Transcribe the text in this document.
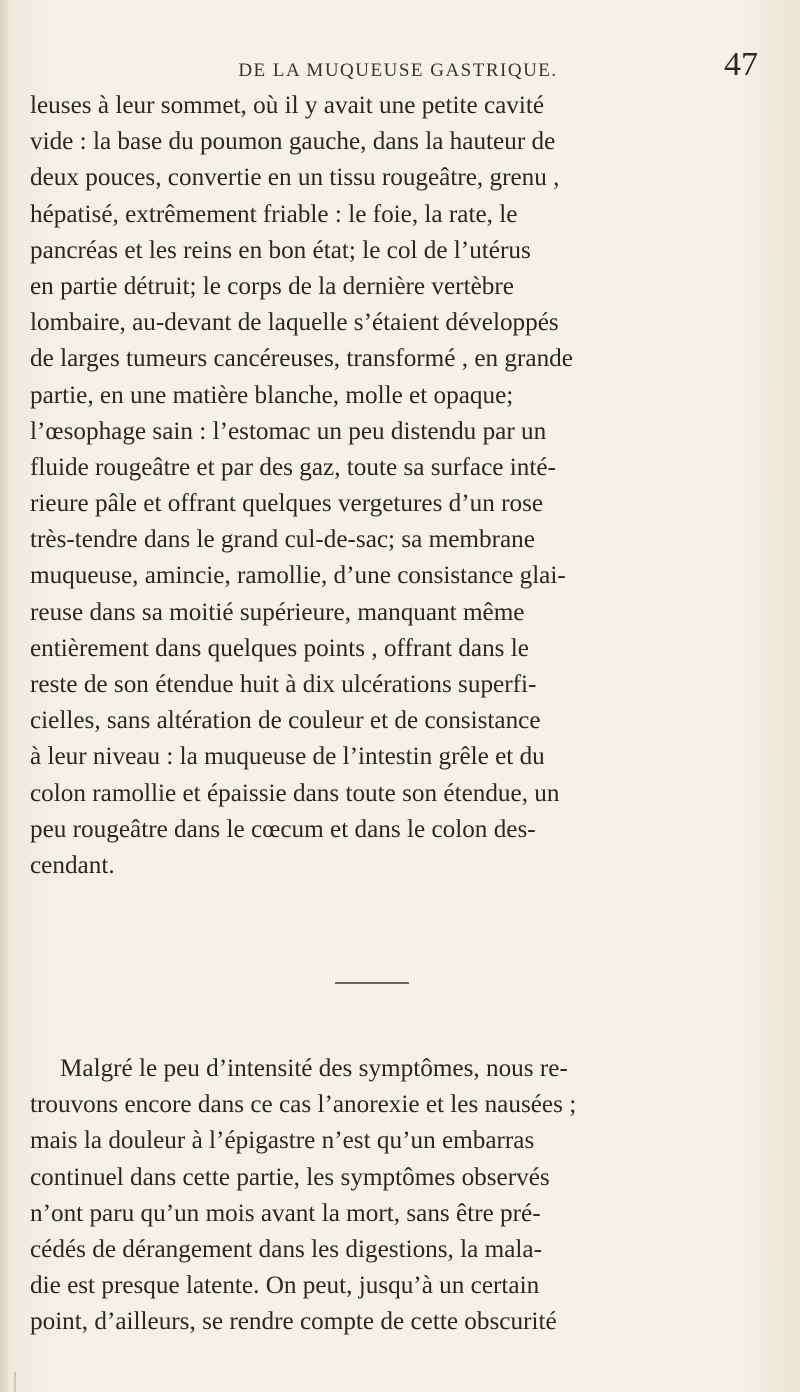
DE LA MUQUEUSE GASTRIQUE.	47
leuses à leur sommet, où il y avait une petite cavité
vide : la base du poumon gauche, dans la hauteur de
deux pouces, convertie en un tissu rougeâtre, grenu ,
hépatisé, extrêmement friable : le foie, la rate, le
pancréas et les reins en bon état; le col de l’utérus
en partie détruit; le corps de la dernière vertèbre
lombaire, au-devant de laquelle s’étaient développés
de larges tumeurs cancéreuses, transformé , en grande
partie, en une matière blanche, molle et opaque;
l’œsophage sain : l’estomac un peu distendu par un
fluide rougeâtre et par des gaz, toute sa surface inté-
rieure pâle et offrant quelques vergetures d’un rose
très-tendre dans le grand cul-de-sac; sa membrane
muqueuse, amincie, ramollie, d’une consistance glai-
reuse dans sa moitié supérieure, manquant même
entièrement dans quelques points , offrant dans le
reste de son étendue huit à dix ulcérations superfi-
cielles, sans altération de couleur et de consistance
à leur niveau : la muqueuse de l’intestin grêle et du
colon ramollie et épaissie dans toute son étendue, un
peu rougeâtre dans le cœcum et dans le colon des-
cendant.
Malgré le peu d’intensité des symptômes, nous re-
trouvons encore dans ce cas l’anorexie et les nausées ;
mais la douleur à l’épigastre n’est qu’un embarras
continuel dans cette partie, les symptômes observés
n’ont paru qu’un mois avant la mort, sans être pré-
cédés de dérangement dans les digestions, la mala-
die est presque latente. On peut, jusqu’à un certain
point, d’ailleurs, se rendre compte de cette obscurité
